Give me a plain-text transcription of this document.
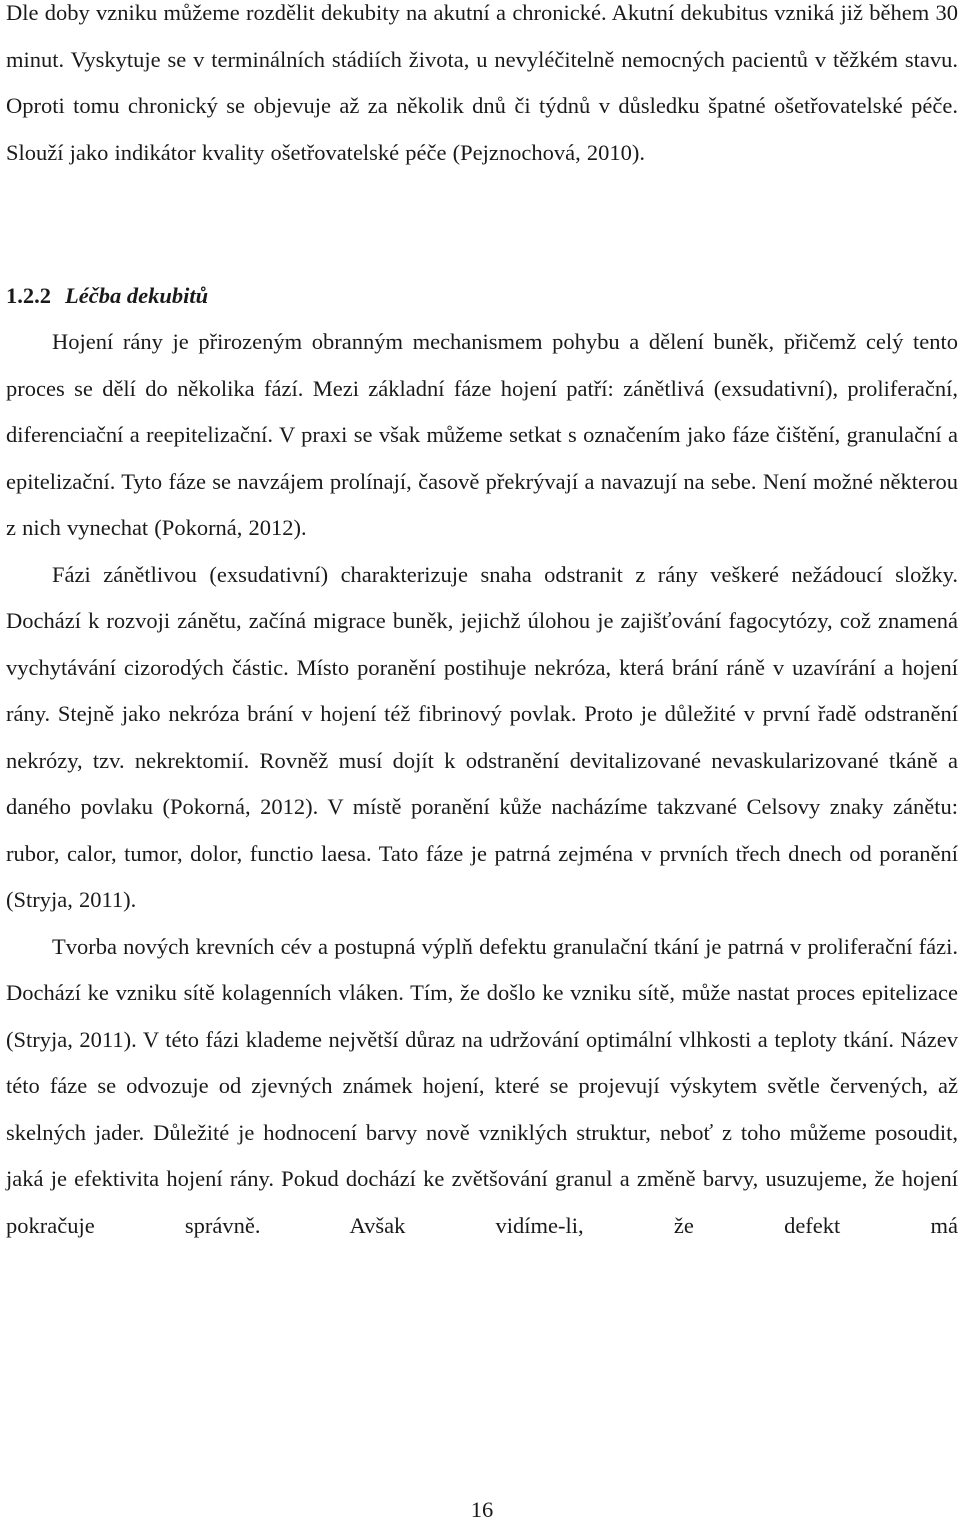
Dle doby vzniku můžeme rozdělit dekubity na akutní a chronické. Akutní dekubitus vzniká již během 30 minut. Vyskytuje se v terminálních stádiích života, u nevyléčitelně nemocných pacientů v těžkém stavu. Oproti tomu chronický se objevuje až za několik dnů či týdnů v důsledku špatné ošetřovatelské péče. Slouží jako indikátor kvality ošetřovatelské péče (Pejznochová, 2010).

1.2.2 Léčba dekubitů

Hojení rány je přirozeným obranným mechanismem pohybu a dělení buněk, přičemž celý tento proces se dělí do několika fází. Mezi základní fáze hojení patří: zánětlivá (exsudativní), proliferační, diferenciační a reepitelizační. V praxi se však můžeme setkat s označením jako fáze čištění, granulační a epitelizační. Tyto fáze se navzájem prolínají, časově překrývají a navazují na sebe. Není možné některou z nich vynechat (Pokorná, 2012).

Fázi zánětlivou (exsudativní) charakterizuje snaha odstranit z rány veškeré nežádoucí složky. Dochází k rozvoji zánětu, začíná migrace buněk, jejichž úlohou je zajišťování fagocytózy, což znamená vychytávání cizorodých částic. Místo poranění postihuje nekróza, která brání ráně v uzavírání a hojení rány. Stejně jako nekróza brání v hojení též fibrinový povlak. Proto je důležité v první řadě odstranění nekrózy, tzv. nekrektomií. Rovněž musí dojít k odstranění devitalizované nevaskularizované tkáně a daného povlaku (Pokorná, 2012). V místě poranění kůže nacházíme takzvané Celsovy znaky zánětu: rubor, calor, tumor, dolor, functio laesa. Tato fáze je patrná zejména v prvních třech dnech od poranění (Stryja, 2011).

Tvorba nových krevních cév a postupná výplň defektu granulační tkání je patrná v proliferační fázi. Dochází ke vzniku sítě kolagenních vláken. Tím, že došlo ke vzniku sítě, může nastat proces epitelizace (Stryja, 2011). V této fázi klademe největší důraz na udržování optimální vlhkosti a teploty tkání. Název této fáze se odvozuje od zjevných známek hojení, které se projevují výskytem světle červených, až skelných jader. Důležité je hodnocení barvy nově vzniklých struktur, neboť z toho můžeme posoudit, jaká je efektivita hojení rány. Pokud dochází ke zvětšování granul a změně barvy, usuzujeme, že hojení pokračuje správně. Avšak vidíme-li, že defekt má

16
